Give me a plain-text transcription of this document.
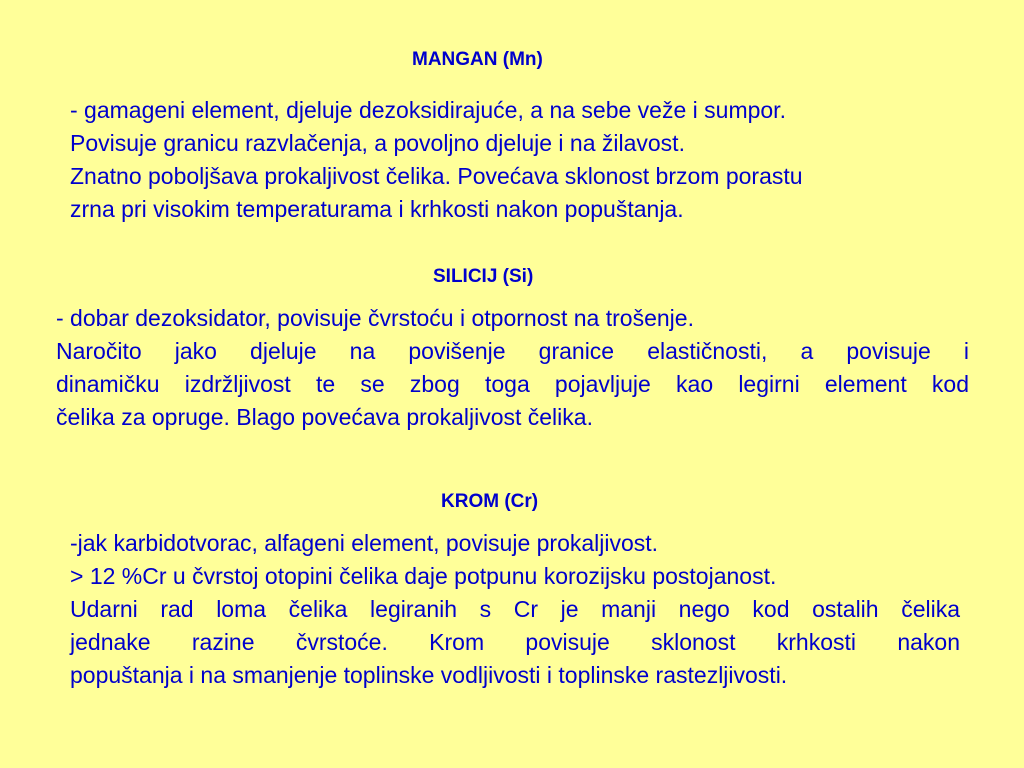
MANGAN (Mn)
- gamageni element, djeluje dezoksidirajuće, a na sebe veže i sumpor.
Povisuje granicu razvlačenja, a povoljno djeluje i na žilavost.
Znatno poboljšava prokaljivost čelika. Povećava sklonost brzom porastu
zrna pri visokim temperaturama i krhkosti nakon popuštanja.
SILICIJ (Si)
- dobar dezoksidator, povisuje čvrstoću i otpornost na trošenje.
Naročito jako djeluje na povišenje granice elastičnosti, a povisuje i
dinamičku izdržljivost te se zbog toga pojavljuje kao legirni element kod
čelika za opruge. Blago povećava prokaljivost čelika.
KROM (Cr)
-jak karbidotvorac, alfageni element, povisuje prokaljivost.
> 12 %Cr u čvrstoj otopini čelika daje potpunu korozijsku postojanost.
Udarni rad loma čelika legiranih s Cr je manji nego kod ostalih čelika
jednake razine čvrstoće. Krom povisuje sklonost krhkosti nakon
popuštanja i na smanjenje toplinske vodljivosti i toplinske rastezljivosti.
